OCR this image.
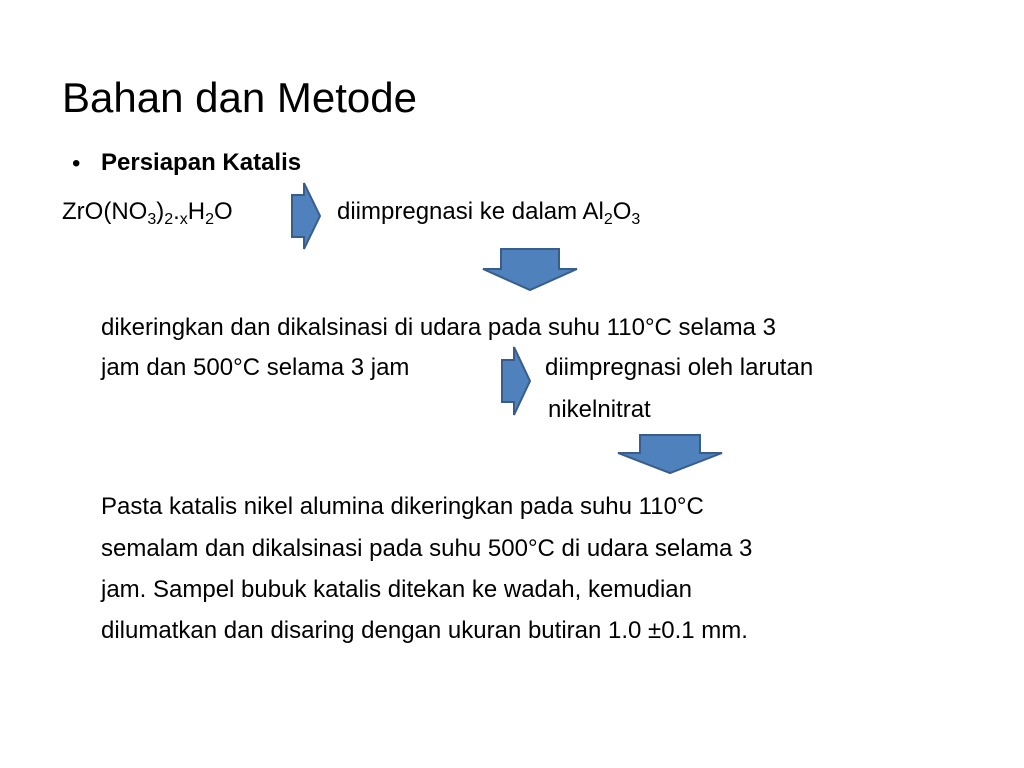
Bahan dan Metode
• Persiapan Katalis
$ZrO(NO_3)_2._xH_2O$	diimpregnasi ke dalam $Al_2O_3$
dikeringkan dan dikalsinasi di udara pada suhu 110°C selama 3
jam dan 500°C selama 3 jam	diimpregnasi oleh larutan
nikelnitrat
Pasta katalis nikel alumina dikeringkan pada suhu 110°C
semalam dan dikalsinasi pada suhu 500°C di udara selama 3
jam. Sampel bubuk katalis ditekan ke wadah, kemudian
dilumatkan dan disaring dengan ukuran butiran 1.0 ±0.1 mm.
